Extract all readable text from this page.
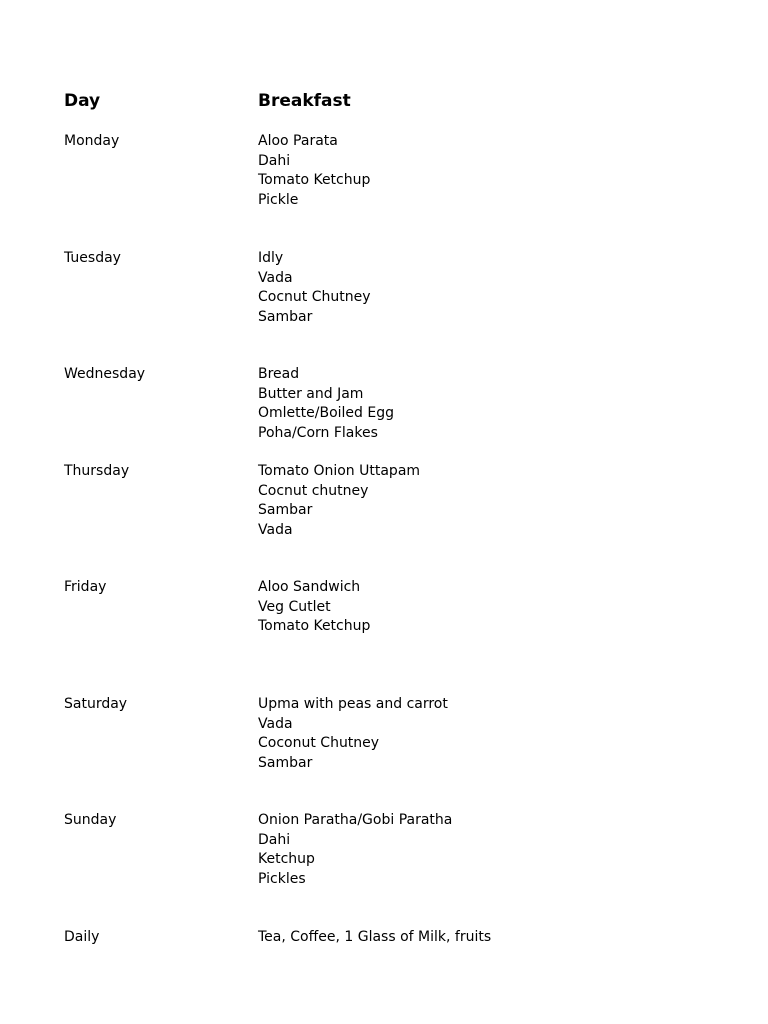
Day	Breakfast
Monday	Aloo Parata
Dahi
Tomato Ketchup
Pickle
Tuesday	Idly
Vada
Cocnut Chutney
Sambar
Wednesday	Bread
Butter and Jam
Omlette/Boiled Egg
Poha/Corn Flakes
Thursday	Tomato Onion Uttapam
Cocnut chutney
Sambar
Vada
Friday	Aloo Sandwich
Veg Cutlet
Tomato Ketchup
Saturday	Upma with peas and carrot
Vada
Coconut Chutney
Sambar
Sunday	Onion Paratha/Gobi Paratha
Dahi
Ketchup
Pickles
Daily	Tea, Coffee, 1 Glass of Milk, fruits
